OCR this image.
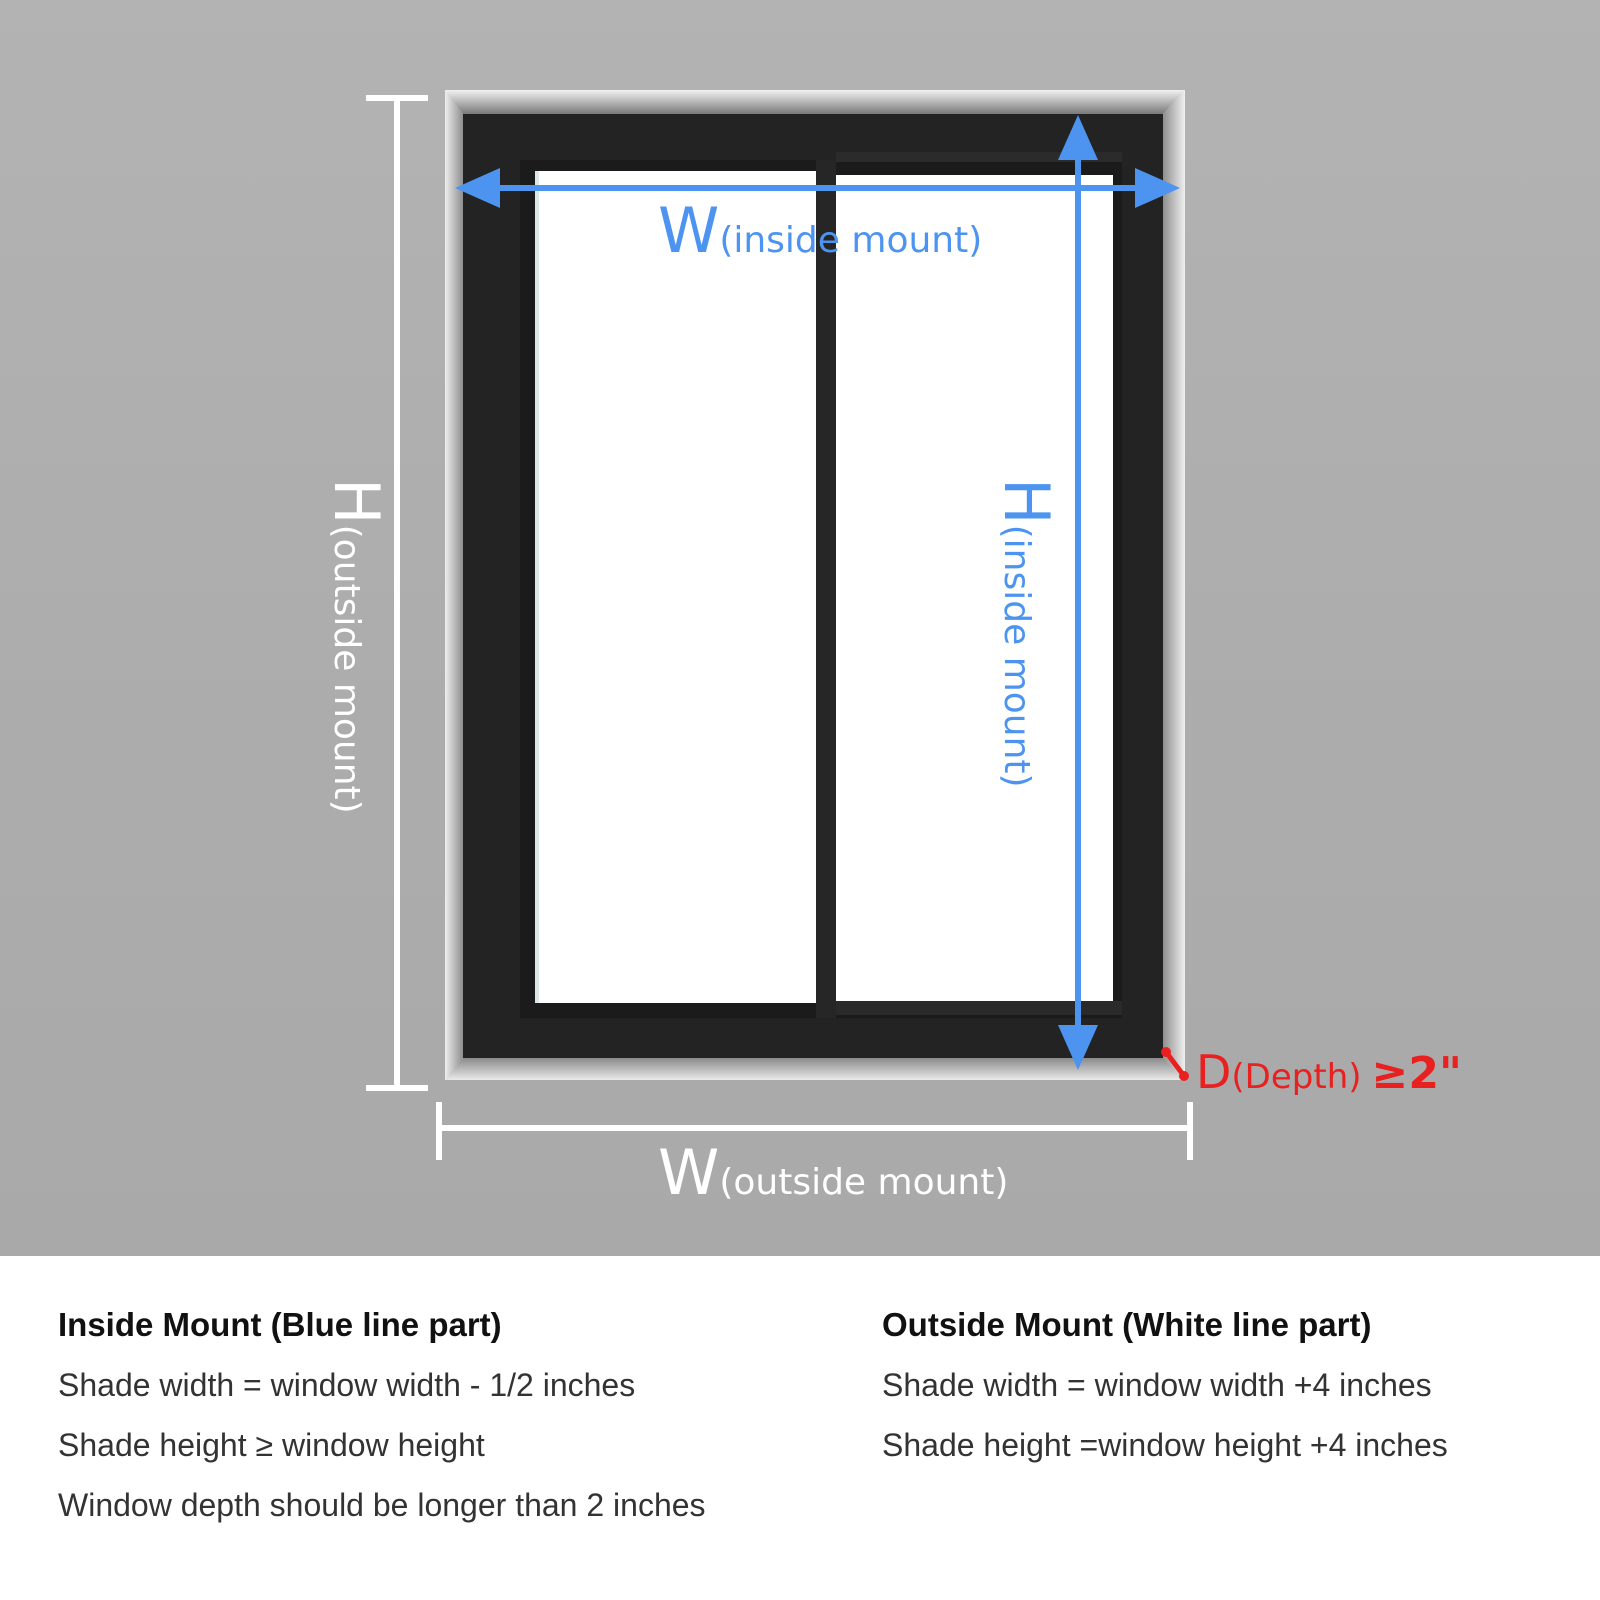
H(outside mount)
W(outside mount)
W(inside mount)
H(inside mount)
D(Depth) ≥2"
Inside Mount (Blue line part)
Shade width = window width - 1/2 inches
Shade height ≥ window height
Window depth should be longer than 2 inches
Outside Mount (White line part)
Shade width = window width +4 inches
Shade height =window height +4 inches
